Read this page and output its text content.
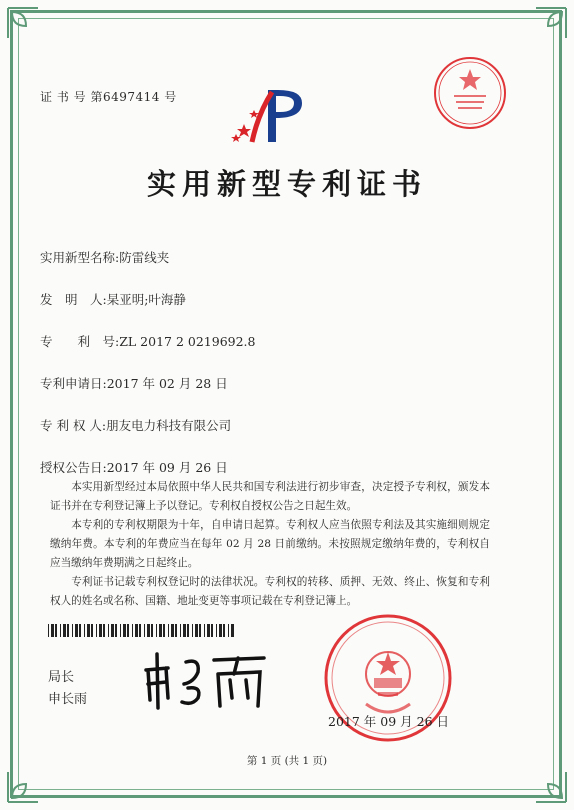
证 书 号 第6497414 号
实用新型专利证书
实用新型名称:防雷线夹
发　明　人:杲亚明;叶海静
专　　利　号:ZL 2017 2 0219692.8
专利申请日:2017 年 02 月 28 日
专 利 权 人:朋友电力科技有限公司
授权公告日:2017 年 09 月 26 日

本实用新型经过本局依照中华人民共和国专利法进行初步审查，决定授予专利权，颁发本证书并在专利登记簿上予以登记。专利权自授权公告之日起生效。

本专利的专利权期限为十年，自申请日起算。专利权人应当依照专利法及其实施细则规定缴纳年费。本专利的年费应当在每年 02 月 28 日前缴纳。未按照规定缴纳年费的，专利权自应当缴纳年费期满之日起终止。

专利证书记载专利权登记时的法律状况。专利权的转移、质押、无效、终止、恢复和专利权人的姓名或名称、国籍、地址变更等事项记载在专利登记簿上。

局长
申长雨
2017 年 09 月 26 日
第 1 页 (共 1 页)
